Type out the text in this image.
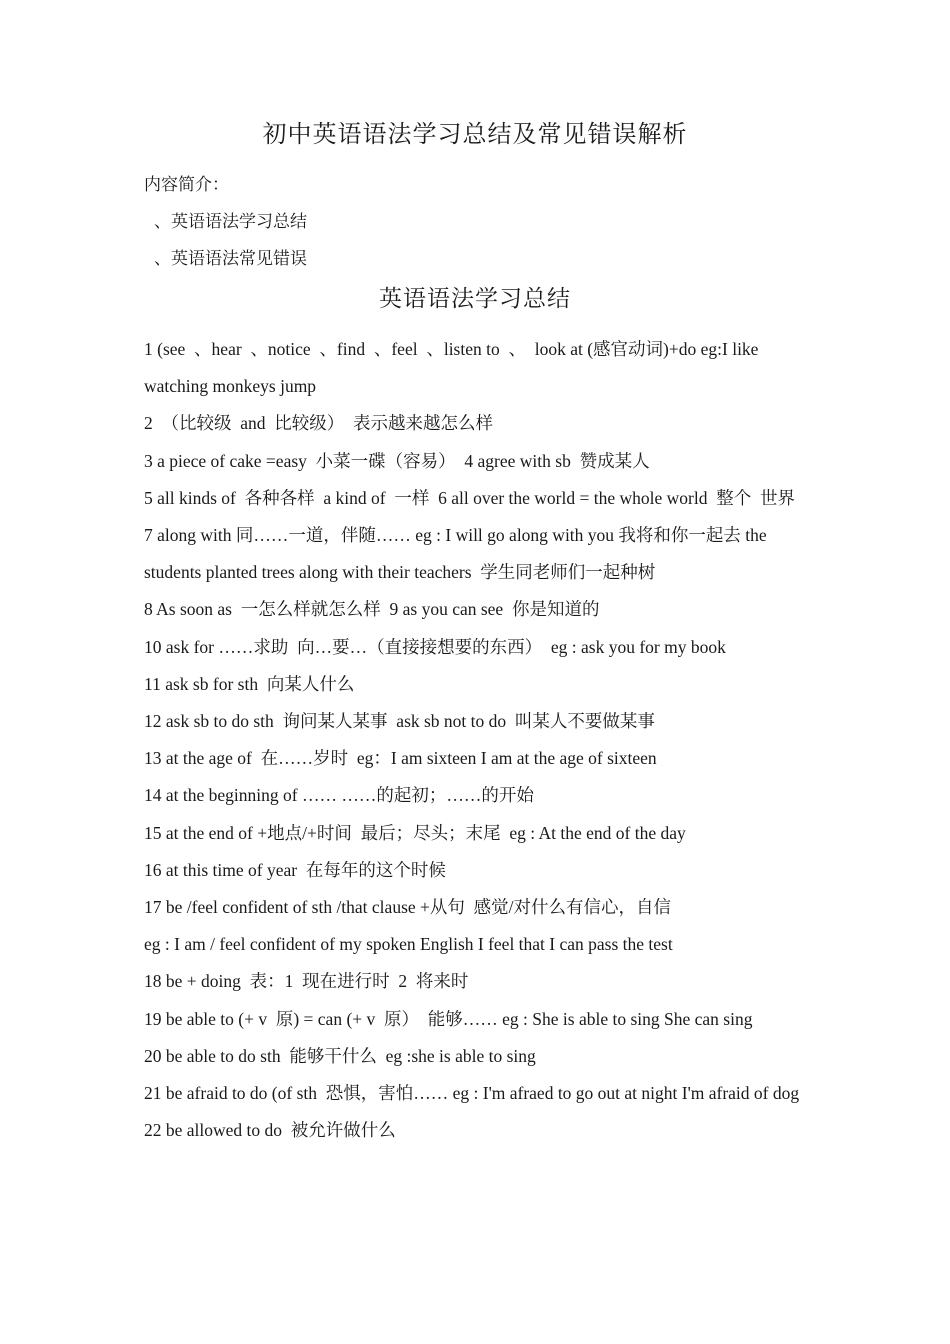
初中英语语法学习总结及常见错误解析
内容简介：
、英语语法学习总结
、英语语法常见错误
英语语法学习总结

1 (see  、hear  、notice  、find  、feel  、listen to  、  look at (感官动词)+do eg:I like watching monkeys jump

2  （比较级  and  比较级）  表示越来越怎么样

3 a piece of cake =easy  小菜一碟（容易）  4 agree with sb  赞成某人

5 all kinds of  各种各样  a kind of  一样  6 all over the world = the whole world  整个  世界

7 along with 同……一道，伴随…… eg : I will go along with you 我将和你一起去 the students planted trees along with their teachers  学生同老师们一起种树

8 As soon as  一怎么样就怎么样  9 as you can see  你是知道的

10 ask for ……求助  向…要…（直接接想要的东西）  eg : ask you for my book

11 ask sb for sth  向某人什么

12 ask sb to do sth  询问某人某事  ask sb not to do  叫某人不要做某事

13 at the age of  在……岁时  eg：I am sixteen I am at the age of sixteen

14 at the beginning of …… ……的起初；……的开始

15 at the end of +地点/+时间  最后；尽头；末尾  eg : At the end of the day

16 at this time of year  在每年的这个时候

17 be /feel confident of sth /that clause +从句  感觉/对什么有信心，自信

eg : I am / feel confident of my spoken English I feel that I can pass the test

18 be + doing  表：1  现在进行时  2  将来时

19 be able to (+ v  原) = can (+ v  原）  能够…… eg : She is able to sing She can sing

20 be able to do sth  能够干什么  eg :she is able to sing

21 be afraid to do (of sth  恐惧，害怕…… eg : I'm afraed to go out at night I'm afraid of dog

22 be allowed to do  被允许做什么
